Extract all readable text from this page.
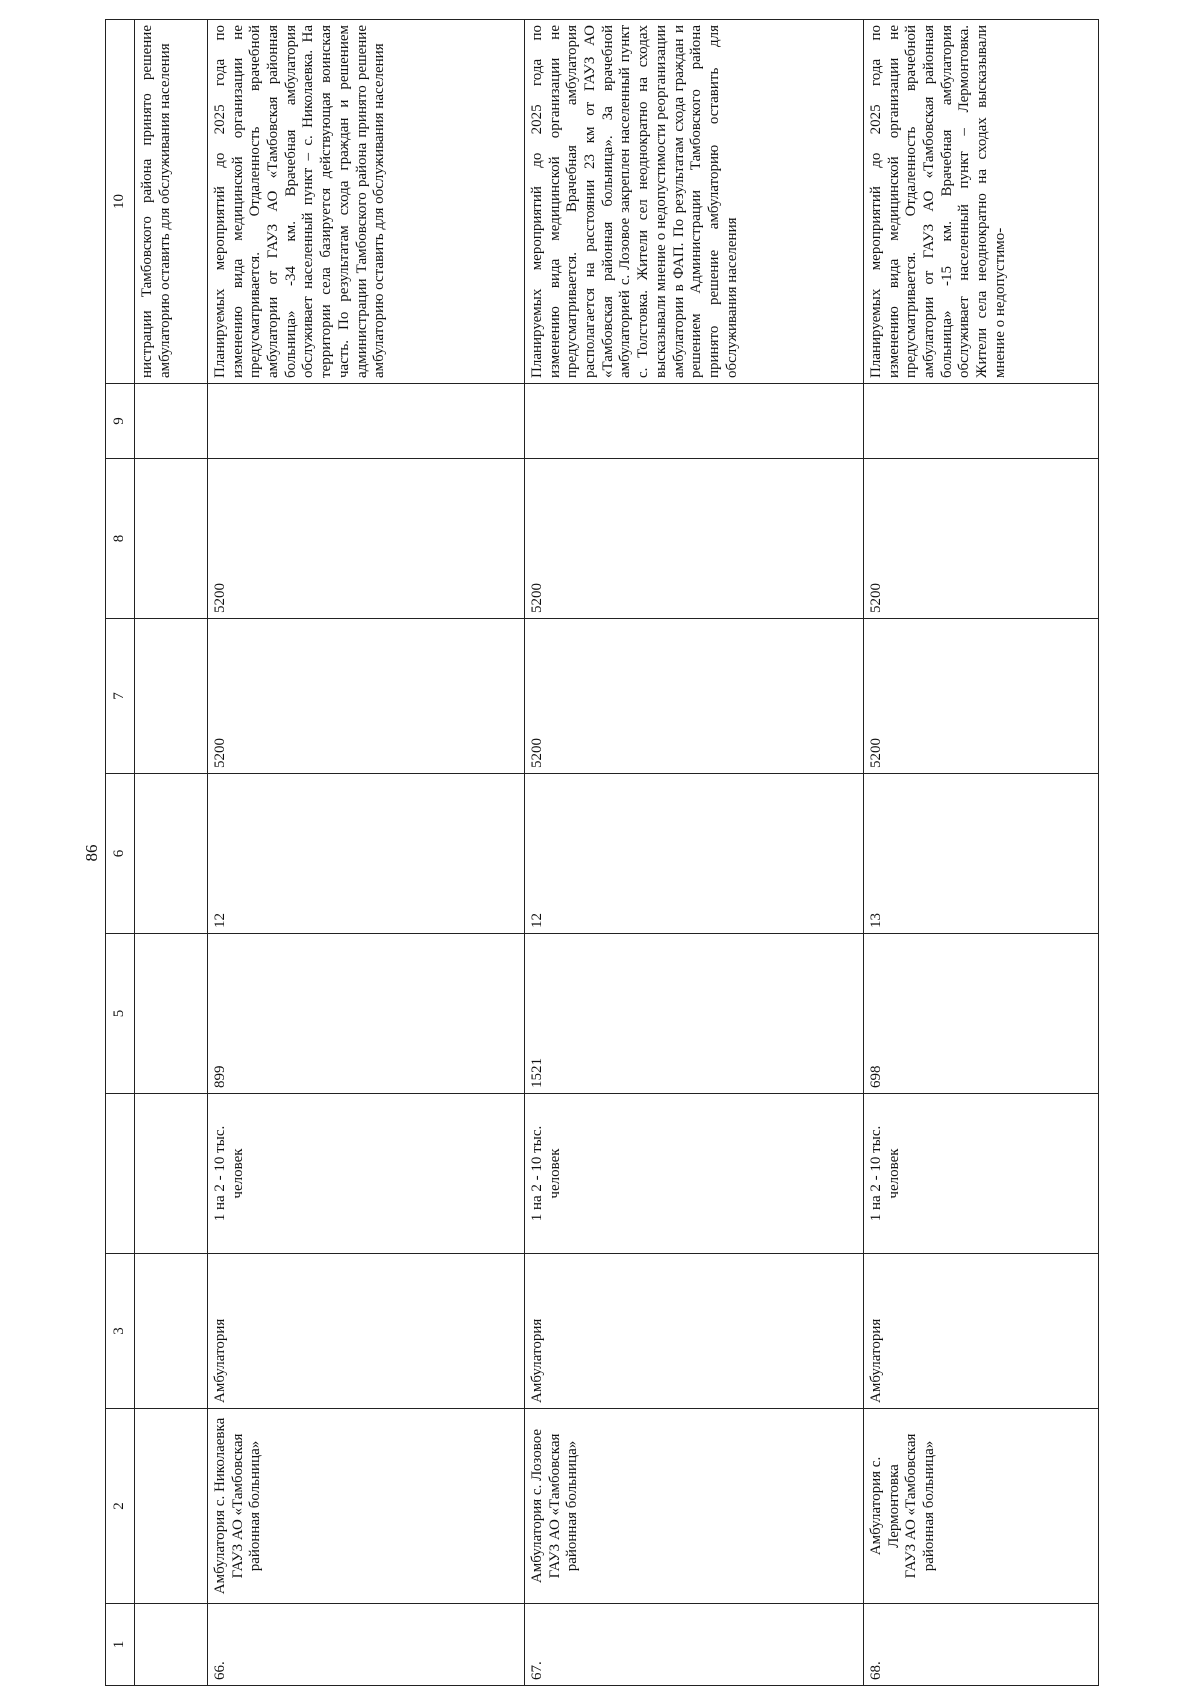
86
1	2	3		5	6	7	8	9	10
									нистрации Тамбовского района принято решение амбулаторию оставить для обслуживания населения
66.	Амбулатория с. Николаевка ГАУЗ АО «Тамбовская районная больница»	Амбулатория	1 на 2 - 10 тыс. человек	899	12	5200	5200		Планируемых мероприятий до 2025 года по изменению вида медицинской организации не предусматривается. Отдаленность врачебной амбулатории от ГАУЗ АО «Тамбовская районная больница» -34 км. Врачебная амбулатория обслуживает населенный пункт – с. Николаевка. На территории села базируется действующая воинская часть. По результатам схода граждан и решением администрации Тамбовского района принято решение амбулаторию оставить для обслуживания населения
67.	Амбулатория с. Лозовое ГАУЗ АО «Тамбовская районная больница»	Амбулатория	1 на 2 - 10 тыс. человек	1521	12	5200	5200		Планируемых мероприятий до 2025 года по изменению вида медицинской организации не предусматривается. Врачебная амбулатория располагается на расстоянии 23 км от ГАУЗ АО «Тамбовская районная больница». За врачебной амбулаторией с. Лозовое закреплен населенный пункт с. Толстовка. Жители сел неоднократно на сходах высказывали мнение о недопустимости реорганизации амбулатории в ФАП. По результатам схода граждан и решением Администрации Тамбовского района принято решение амбулаторию оставить для обслуживания населения
68.	Амбулатория с. Лермонтовка ГАУЗ АО «Тамбовская районная больница»	Амбулатория	1 на 2 - 10 тыс. человек	698	13	5200	5200		Планируемых мероприятий до 2025 года по изменению вида медицинской организации не предусматривается. Отдаленность врачебной амбулатории от ГАУЗ АО «Тамбовская районная больница» -15 км. Врачебная амбулатория обслуживает населенный пункт – Лермонтовка. Жители села неоднократно на сходах высказывали мнение о недопустимо-
